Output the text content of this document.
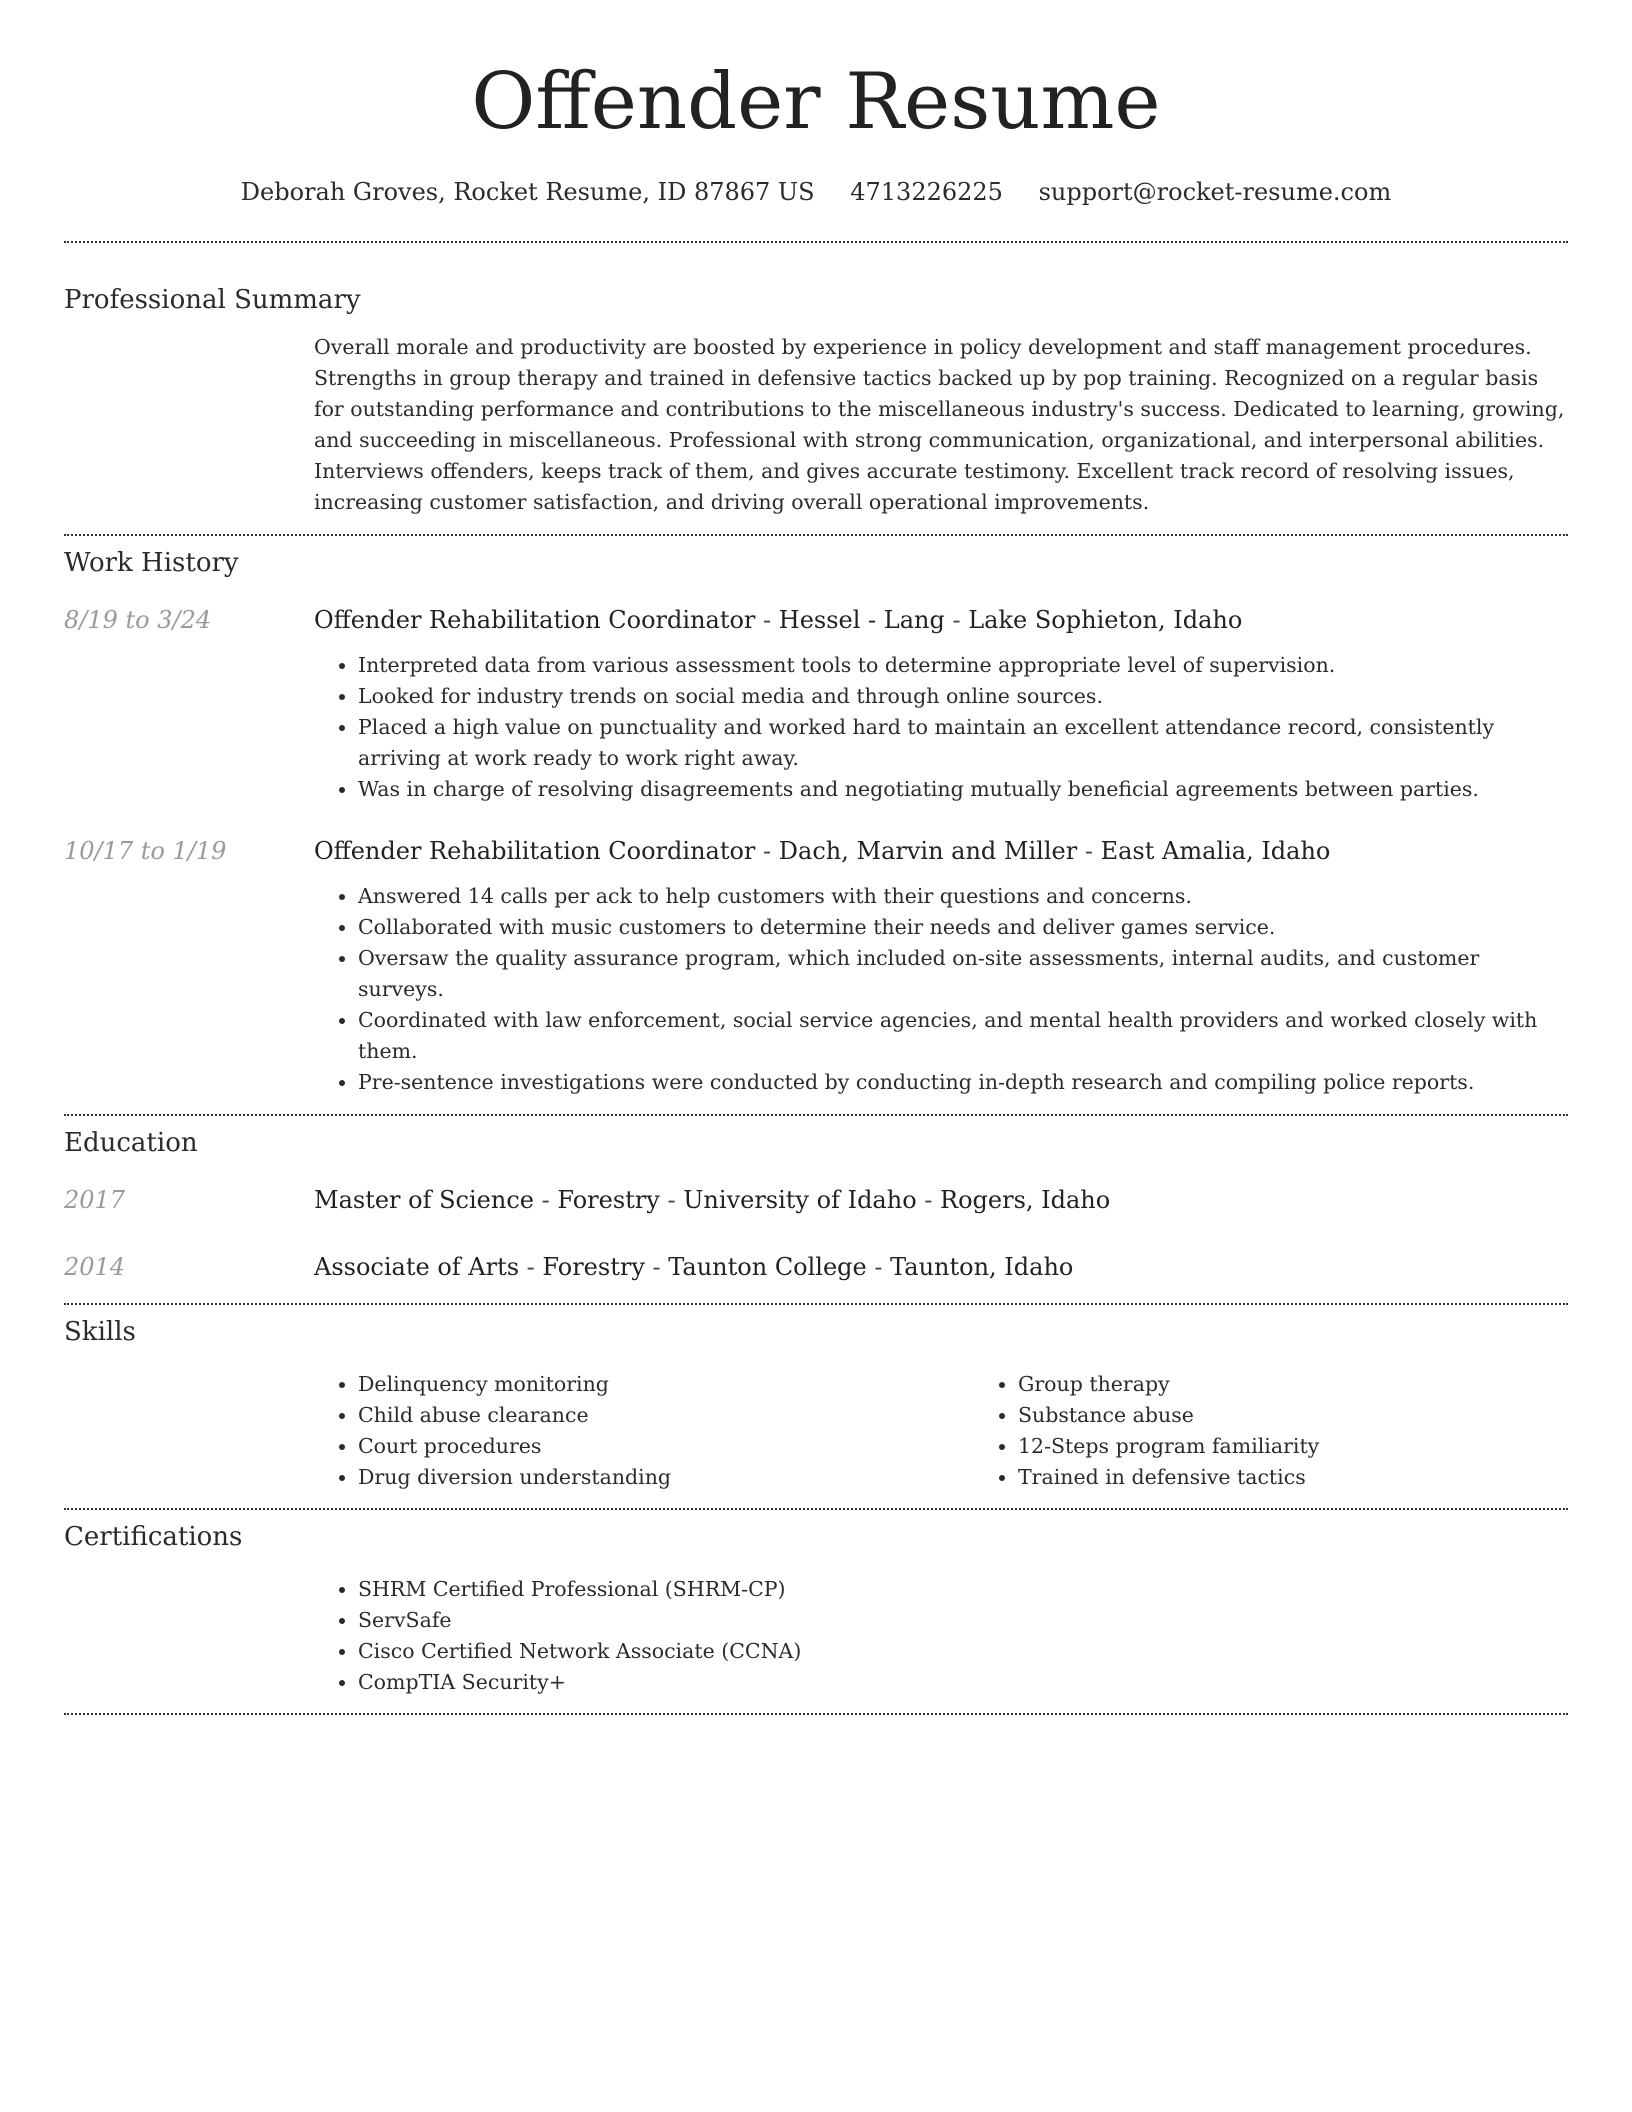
Offender Resume
Deborah Groves, Rocket Resume, ID 87867 US 4713226225 support@rocket-resume.com
Professional Summary
Overall morale and productivity are boosted by experience in policy development and staff management procedures. Strengths in group therapy and trained in defensive tactics backed up by pop training. Recognized on a regular basis for outstanding performance and contributions to the miscellaneous industry's success. Dedicated to learning, growing, and succeeding in miscellaneous. Professional with strong communication, organizational, and interpersonal abilities. Interviews offenders, keeps track of them, and gives accurate testimony. Excellent track record of resolving issues, increasing customer satisfaction, and driving overall operational improvements.
Work History
8/19 to 3/24	Offender Rehabilitation Coordinator - Hessel - Lang - Lake Sophieton, Idaho
• Interpreted data from various assessment tools to determine appropriate level of supervision.
• Looked for industry trends on social media and through online sources.
• Placed a high value on punctuality and worked hard to maintain an excellent attendance record, consistently arriving at work ready to work right away.
• Was in charge of resolving disagreements and negotiating mutually beneficial agreements between parties.
10/17 to 1/19	Offender Rehabilitation Coordinator - Dach, Marvin and Miller - East Amalia, Idaho
• Answered 14 calls per ack to help customers with their questions and concerns.
• Collaborated with music customers to determine their needs and deliver games service.
• Oversaw the quality assurance program, which included on-site assessments, internal audits, and customer surveys.
• Coordinated with law enforcement, social service agencies, and mental health providers and worked closely with them.
• Pre-sentence investigations were conducted by conducting in-depth research and compiling police reports.
Education
2017	Master of Science - Forestry - University of Idaho - Rogers, Idaho
2014	Associate of Arts - Forestry - Taunton College - Taunton, Idaho
Skills
• Delinquency monitoring
• Child abuse clearance
• Court procedures
• Drug diversion understanding
• Group therapy
• Substance abuse
• 12-Steps program familiarity
• Trained in defensive tactics
Certifications
• SHRM Certified Professional (SHRM-CP)
• ServSafe
• Cisco Certified Network Associate (CCNA)
• CompTIA Security+
